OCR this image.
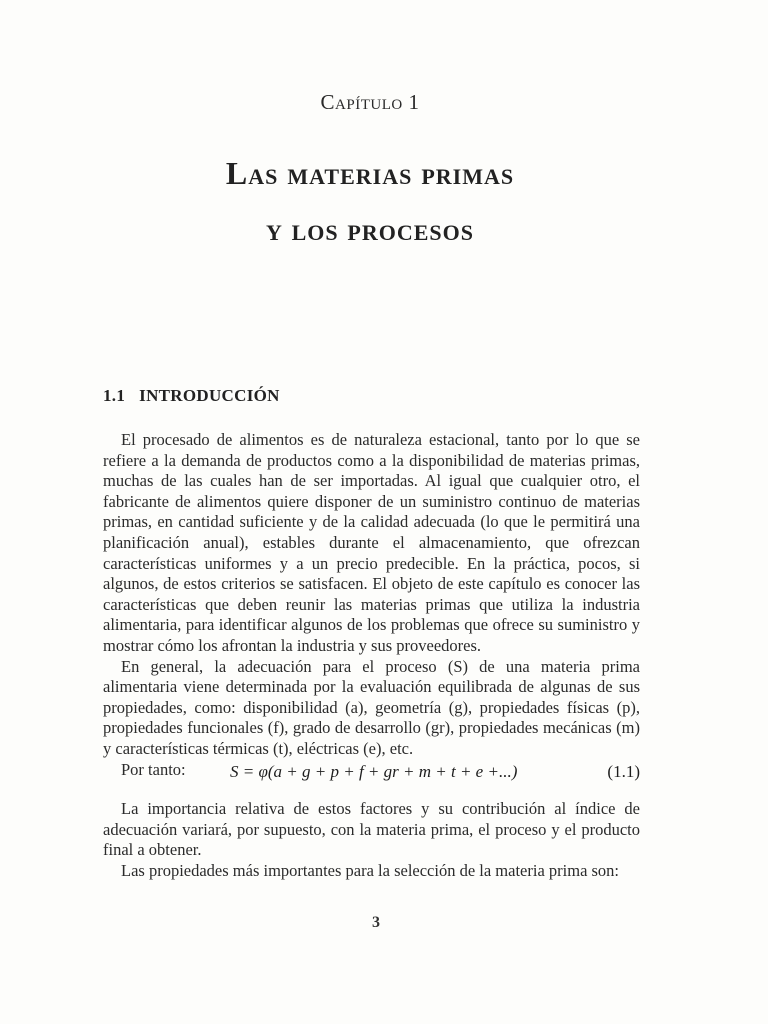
Capítulo 1
Las materias primas
y los procesos
1.1 INTRODUCCIÓN

El procesado de alimentos es de naturaleza estacional, tanto por lo que se refiere a la demanda de productos como a la disponibilidad de materias primas, muchas de las cuales han de ser importadas. Al igual que cualquier otro, el fabricante de alimentos quiere disponer de un suministro continuo de materias primas, en cantidad suficiente y de la calidad adecuada (lo que le permitirá una planificación anual), estables durante el almacenamiento, que ofrezcan características uniformes y a un precio predecible. En la práctica, pocos, si algunos, de estos criterios se satisfacen. El objeto de este capítulo es conocer las características que deben reunir las materias primas que utiliza la industria alimentaria, para identificar algunos de los problemas que ofrece su suministro y mostrar cómo los afrontan la industria y sus proveedores.

En general, la adecuación para el proceso (S) de una materia prima alimentaria viene determinada por la evaluación equilibrada de algunas de sus propiedades, como: disponibilidad (a), geometría (g), propiedades físicas (p), propiedades funcionales (f), grado de desarrollo (gr), propiedades mecánicas (m) y características térmicas (t), eléctricas (e), etc.

Por tanto:	S = φ(a + g + p + f + gr + m + t + e +...)	(1.1)

La importancia relativa de estos factores y su contribución al índice de adecuación variará, por supuesto, con la materia prima, el proceso y el producto final a obtener.

Las propiedades más importantes para la selección de la materia prima son:

3
